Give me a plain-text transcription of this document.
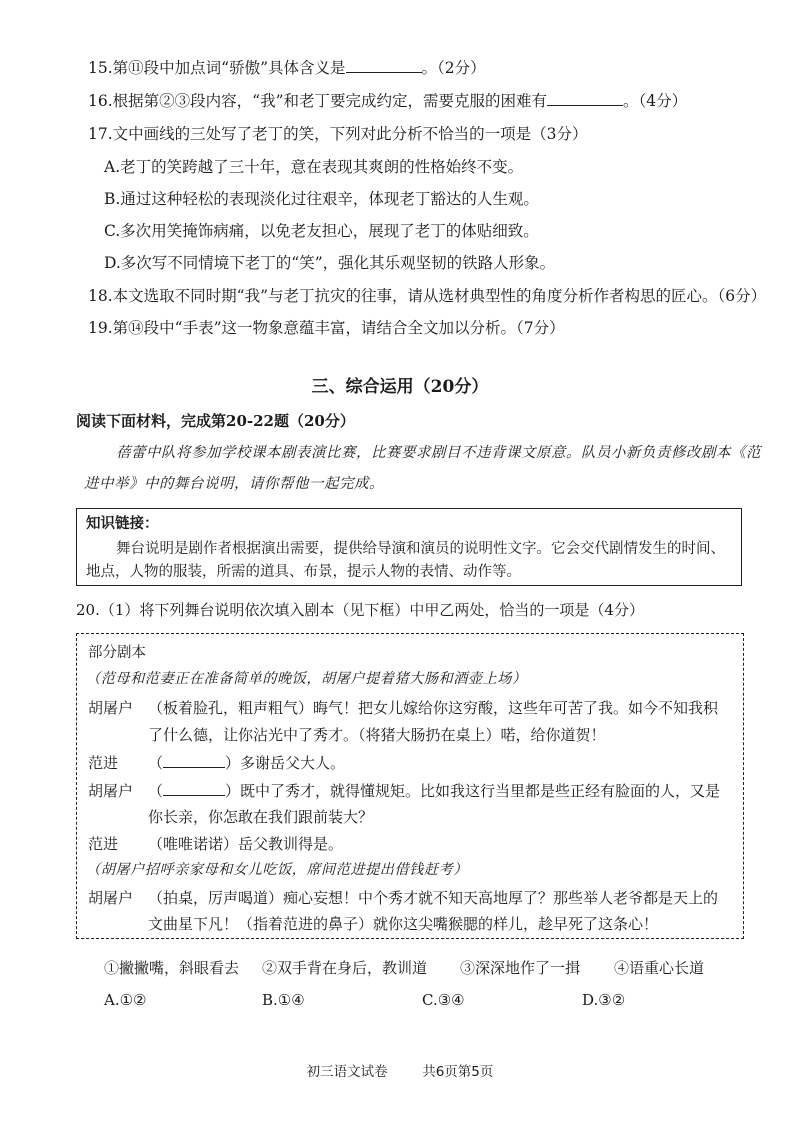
15.第⑪段中加点词“骄傲”具体含义是	。（2分）
16.根据第②③段内容，“我”和老丁要完成约定，需要克服的困难有	。（4分）
17.文中画线的三处写了老丁的笑，下列对此分析不恰当的一项是（3分）
A.老丁的笑跨越了三十年，意在表现其爽朗的性格始终不变。
B.通过这种轻松的表现淡化过往艰辛，体现老丁豁达的人生观。
C.多次用笑掩饰病痛，以免老友担心，展现了老丁的体贴细致。
D.多次写不同情境下老丁的“笑”，强化其乐观坚韧的铁路人形象。
18.本文选取不同时期“我”与老丁抗灾的往事，请从选材典型性的角度分析作者构思的匠心。（6分）
19.第⑭段中“手表”这一物象意蕴丰富，请结合全文加以分析。（7分）
三、综合运用（20分）
阅读下面材料，完成第20-22题（20分）
蓓蕾中队将参加学校课本剧表演比赛，比赛要求剧目不违背课文原意。队员小新负责修改剧本《范
进中举》中的舞台说明，请你帮他一起完成。
知识链接：
舞台说明是剧作者根据演出需要，提供给导演和演员的说明性文字。它会交代剧情发生的时间、
地点，人物的服装，所需的道具、布景，提示人物的表情、动作等。
20.（1）将下列舞台说明依次填入剧本（见下框）中甲乙两处，恰当的一项是（4分）
部分剧本
（范母和范妻正在准备简单的晚饭，胡屠户提着猪大肠和酒壶上场）
胡屠户 （板着脸孔，粗声粗气）晦气！把女儿嫁给你这穷酸，这些年可苦了我。如今不知我积
了什么德，让你沾光中了秀才。（将猪大肠扔在桌上）喏，给你道贺！
范进 （	）多谢岳父大人。
胡屠户 （	）既中了秀才，就得懂规矩。比如我这行当里都是些正经有脸面的人，又是
你长亲，你怎敢在我们跟前装大？
范进 （唯唯诺诺）岳父教训得是。
（胡屠户招呼亲家母和女儿吃饭，席间范进提出借钱赶考）
胡屠户 （拍桌，厉声喝道）痴心妄想！中个秀才就不知天高地厚了？那些举人老爷都是天上的
文曲星下凡！（指着范进的鼻子）就你这尖嘴猴腮的样儿，趁早死了这条心！
①撇撇嘴，斜眼看去 ②双手背在身后，教训道 ③深深地作了一揖 ④语重心长道
A.①②	B.①④	C.③④	D.③②
初三语文试卷	共6页第5页
